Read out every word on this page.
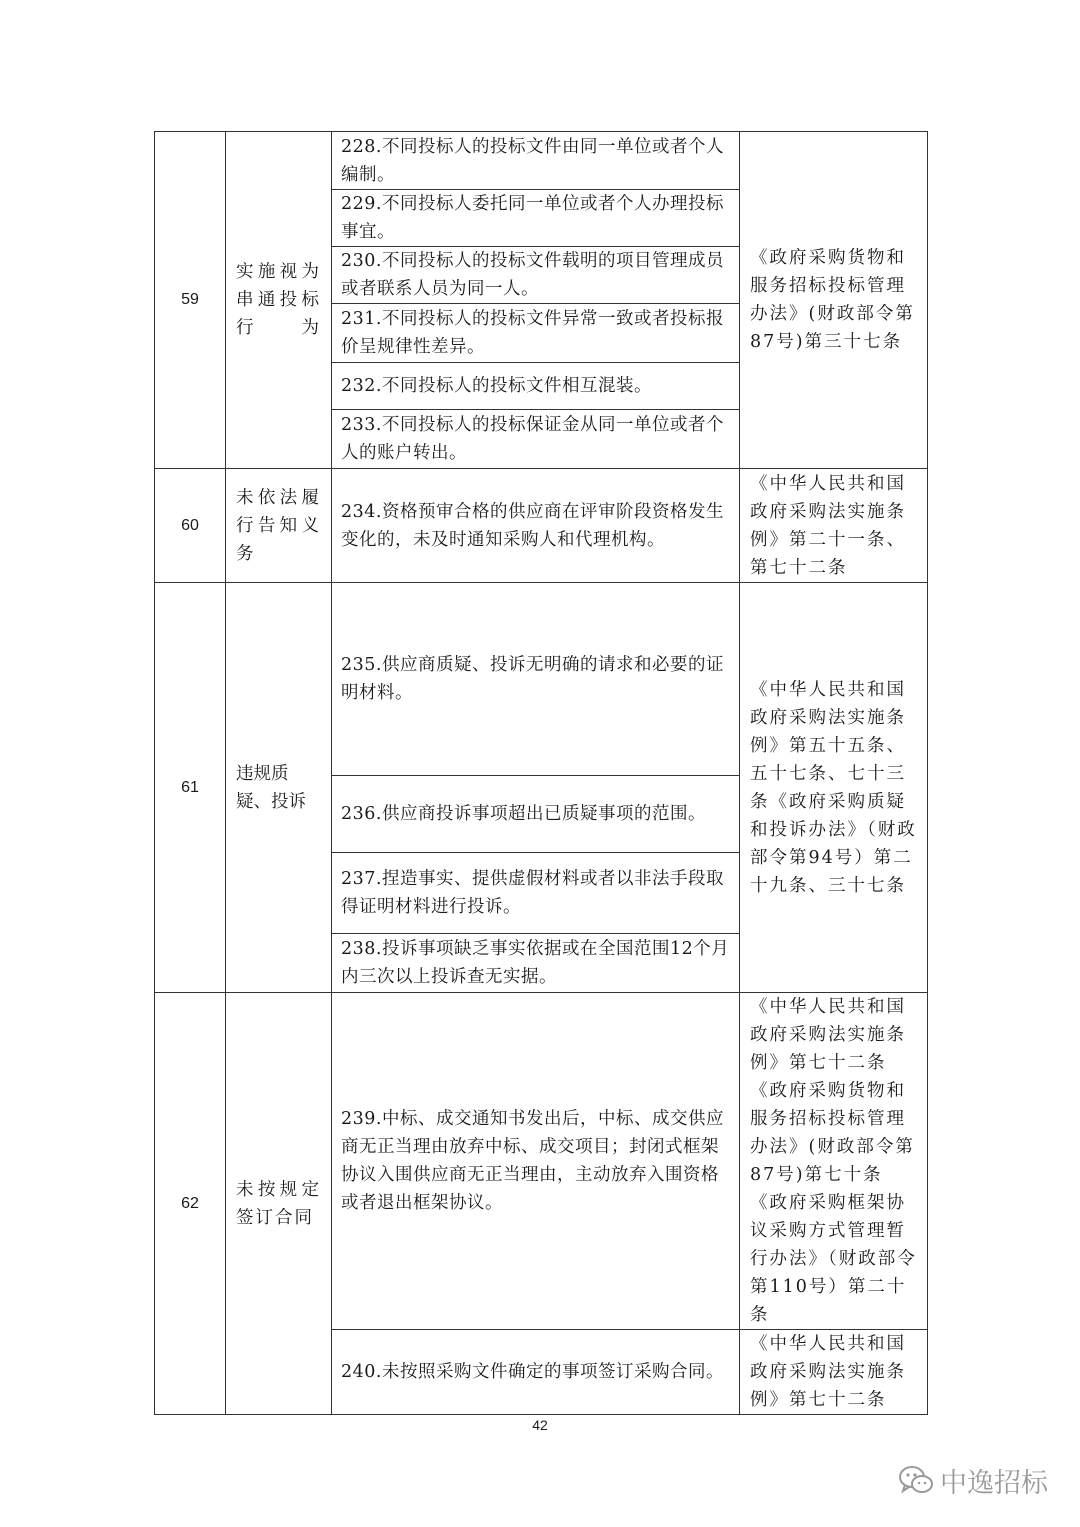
59	实施视为串通投标行为	228.不同投标人的投标文件由同一单位或者个人编制。	《政府采购货物和服务招标投标管理办法》(财政部令第87号)第三十七条
		229.不同投标人委托同一单位或者个人办理投标事宜。	
		230.不同投标人的投标文件载明的项目管理成员或者联系人员为同一人。	
		231.不同投标人的投标文件异常一致或者投标报价呈规律性差异。	
		232.不同投标人的投标文件相互混装。	
		233.不同投标人的投标保证金从同一单位或者个人的账户转出。	
60	未依法履行告知义务	234.资格预审合格的供应商在评审阶段资格发生变化的，未及时通知采购人和代理机构。	《中华人民共和国政府采购法实施条例》第二十一条、第七十二条
61	违规质疑、投诉	235.供应商质疑、投诉无明确的请求和必要的证明材料。	《中华人民共和国政府采购法实施条例》第五十五条、五十七条、七十三条《政府采购质疑和投诉办法》（财政部令第94号）第二十九条、三十七条
		236.供应商投诉事项超出已质疑事项的范围。	
		237.捏造事实、提供虚假材料或者以非法手段取得证明材料进行投诉。	
		238.投诉事项缺乏事实依据或在全国范围12个月内三次以上投诉查无实据。	
62	未按规定签订合同	239.中标、成交通知书发出后，中标、成交供应商无正当理由放弃中标、成交项目；封闭式框架协议入围供应商无正当理由，主动放弃入围资格或者退出框架协议。	《中华人民共和国政府采购法实施条例》第七十二条《政府采购货物和服务招标投标管理办法》(财政部令第87号)第七十条《政府采购框架协议采购方式管理暂行办法》（财政部令第110号）第二十条
		240.未按照采购文件确定的事项签订采购合同。	《中华人民共和国政府采购法实施条例》第七十二条
42
中逸招标
